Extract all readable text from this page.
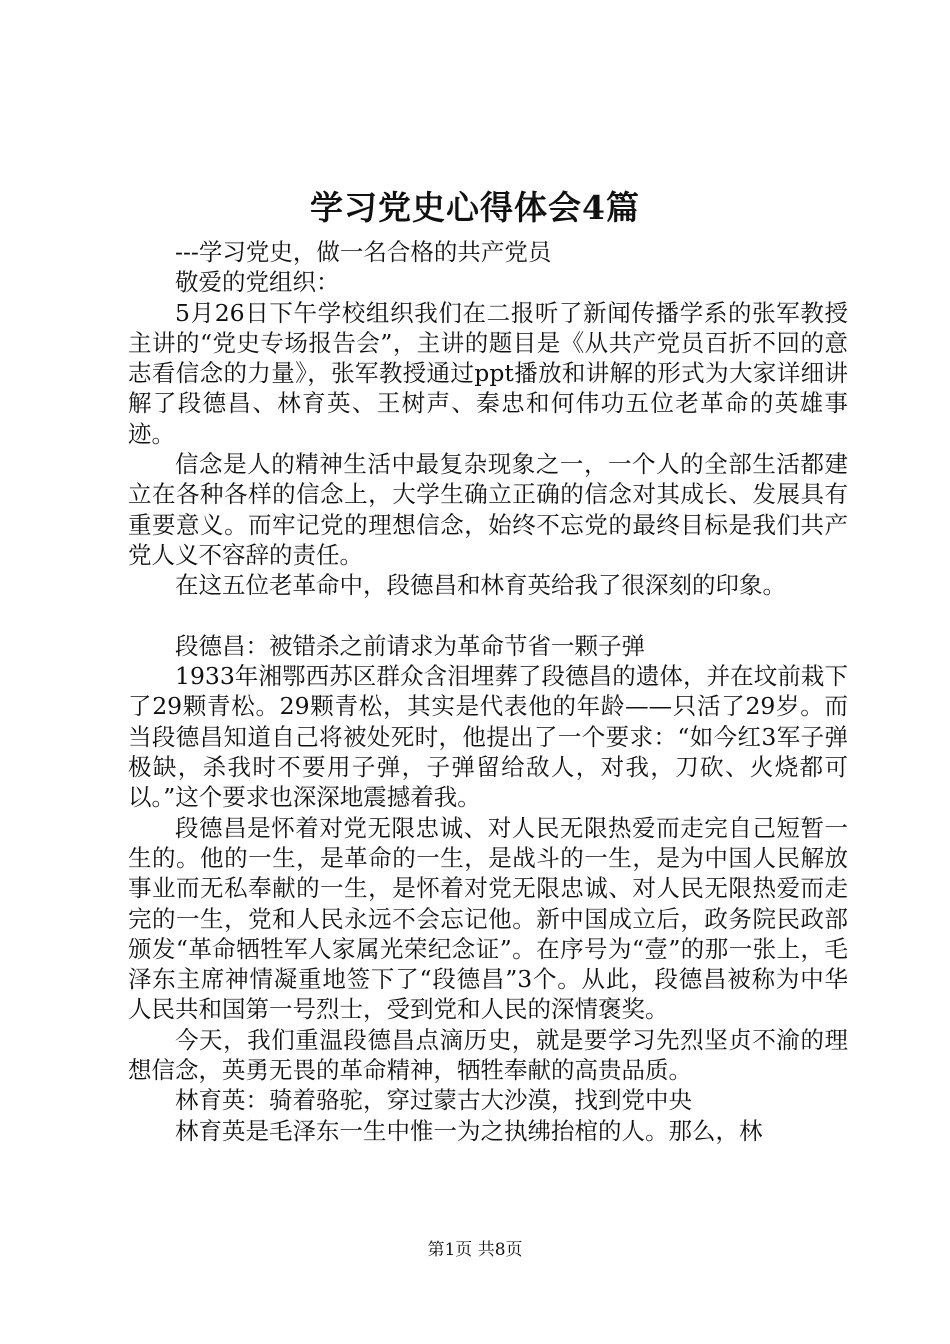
学习党史心得体会4篇

---学习党史，做一名合格的共产党员

敬爱的党组织：

5月26日下午学校组织我们在二报听了新闻传播学系的张军教授主讲的“党史专场报告会”，主讲的题目是《从共产党员百折不回的意志看信念的力量》，张军教授通过ppt播放和讲解的形式为大家详细讲解了段德昌、林育英、王树声、秦忠和何伟功五位老革命的英雄事迹。

信念是人的精神生活中最复杂现象之一，一个人的全部生活都建立在各种各样的信念上，大学生确立正确的信念对其成长、发展具有重要意义。而牢记党的理想信念，始终不忘党的最终目标是我们共产党人义不容辞的责任。

在这五位老革命中，段德昌和林育英给我了很深刻的印象。

段德昌：被错杀之前请求为革命节省一颗子弹

1933年湘鄂西苏区群众含泪埋葬了段德昌的遗体，并在坟前栽下了29颗青松。29颗青松，其实是代表他的年龄——只活了29岁。而当段德昌知道自己将被处死时，他提出了一个要求：“如今红3军子弹极缺，杀我时不要用子弹，子弹留给敌人，对我，刀砍、火烧都可以。”这个要求也深深地震撼着我。

段德昌是怀着对党无限忠诚、对人民无限热爱而走完自己短暂一生的。他的一生，是革命的一生，是战斗的一生，是为中国人民解放事业而无私奉献的一生，是怀着对党无限忠诚、对人民无限热爱而走完的一生，党和人民永远不会忘记他。新中国成立后，政务院民政部颁发“革命牺牲军人家属光荣纪念证”。在序号为“壹”的那一张上，毛泽东主席神情凝重地签下了“段德昌”3个。从此，段德昌被称为中华人民共和国第一号烈士，受到党和人民的深情褒奖。

今天，我们重温段德昌点滴历史，就是要学习先烈坚贞不渝的理想信念，英勇无畏的革命精神，牺牲奉献的高贵品质。

林育英：骑着骆驼，穿过蒙古大沙漠，找到党中央

林育英是毛泽东一生中惟一为之执绋抬棺的人。那么，林

第1页 共8页
